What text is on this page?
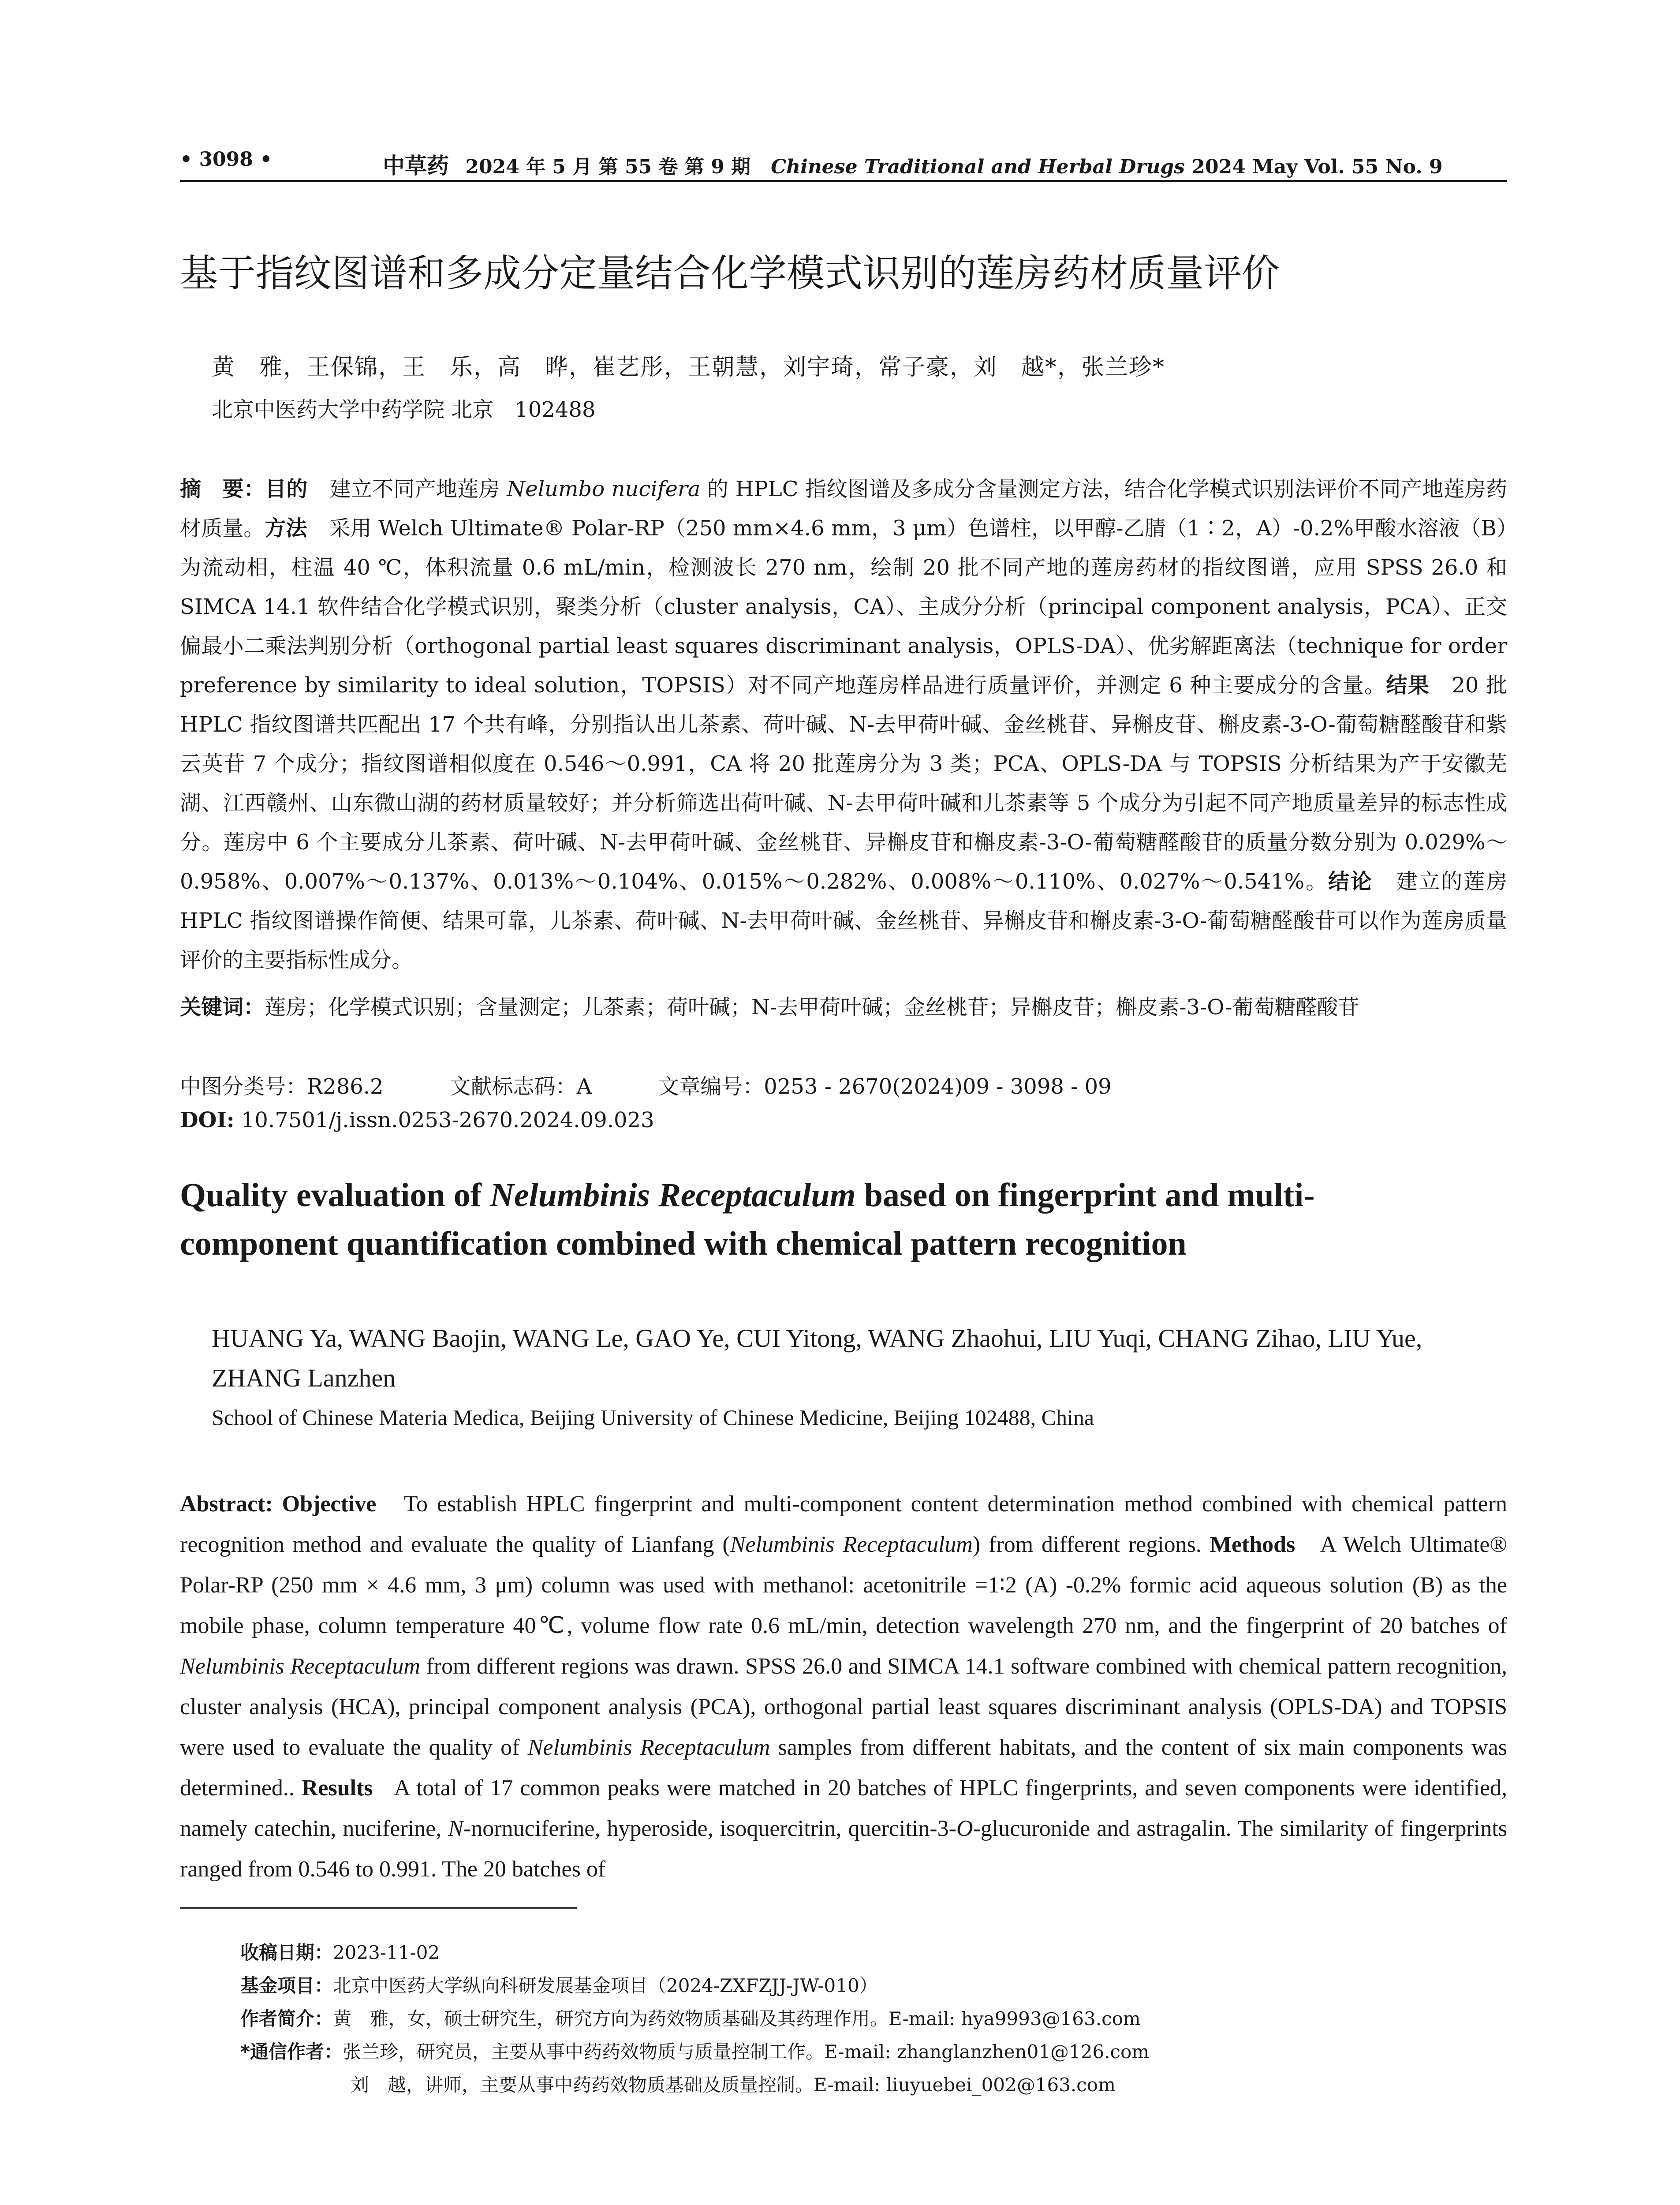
• 3098 •	中草药 2024 年 5 月 第 55 卷 第 9 期 Chinese Traditional and Herbal Drugs 2024 May Vol. 55 No. 9
基于指纹图谱和多成分定量结合化学模式识别的莲房药材质量评价
黄　雅，王保锦，王　乐，高　晔，崔艺彤，王朝慧，刘宇琦，常子豪，刘　越*，张兰珍*
北京中医药大学中药学院 北京　102488
摘　要：目的 建立不同产地莲房 Nelumbo nucifera 的 HPLC 指纹图谱及多成分含量测定方法，结合化学模式识别法评价不同产地莲房药材质量。方法 采用 Welch Ultimate® Polar-RP（250 mm×4.6 mm，3 μm）色谱柱，以甲醇-乙腈（1∶2，A）-0.2%甲酸水溶液（B）为流动相，柱温 40 ℃，体积流量 0.6 mL/min，检测波长 270 nm，绘制 20 批不同产地的莲房药材的指纹图谱，应用 SPSS 26.0 和 SIMCA 14.1 软件结合化学模式识别，聚类分析（cluster analysis，CA）、主成分分析（principal component analysis，PCA）、正交偏最小二乘法判别分析（orthogonal partial least squares discriminant analysis，OPLS-DA）、优劣解距离法（technique for order preference by similarity to ideal solution，TOPSIS）对不同产地莲房样品进行质量评价，并测定 6 种主要成分的含量。结果 20 批 HPLC 指纹图谱共匹配出 17 个共有峰，分别指认出儿茶素、荷叶碱、N-去甲荷叶碱、金丝桃苷、异槲皮苷、槲皮素-3-O-葡萄糖醛酸苷和紫云英苷 7 个成分；指纹图谱相似度在 0.546～0.991，CA 将 20 批莲房分为 3 类；PCA、OPLS-DA 与 TOPSIS 分析结果为产于安徽芜湖、江西赣州、山东微山湖的药材质量较好；并分析筛选出荷叶碱、N-去甲荷叶碱和儿茶素等 5 个成分为引起不同产地质量差异的标志性成分。莲房中 6 个主要成分儿茶素、荷叶碱、N-去甲荷叶碱、金丝桃苷、异槲皮苷和槲皮素-3-O-葡萄糖醛酸苷的质量分数分别为 0.029%～0.958%、0.007%～0.137%、0.013%～0.104%、0.015%～0.282%、0.008%～0.110%、0.027%～0.541%。结论 建立的莲房 HPLC 指纹图谱操作简便、结果可靠，儿茶素、荷叶碱、N-去甲荷叶碱、金丝桃苷、异槲皮苷和槲皮素-3-O-葡萄糖醛酸苷可以作为莲房质量评价的主要指标性成分。
关键词：莲房；化学模式识别；含量测定；儿茶素；荷叶碱；N-去甲荷叶碱；金丝桃苷；异槲皮苷；槲皮素-3-O-葡萄糖醛酸苷
中图分类号：R286.2	文献标志码：A	文章编号：0253 - 2670(2024)09 - 3098 - 09
DOI: 10.7501/j.issn.0253-2670.2024.09.023
Quality evaluation of Nelumbinis Receptaculum based on fingerprint and multi-
component quantification combined with chemical pattern recognition
HUANG Ya, WANG Baojin, WANG Le, GAO Ye, CUI Yitong, WANG Zhaohui, LIU Yuqi, CHANG Zihao, LIU Yue, ZHANG Lanzhen
School of Chinese Materia Medica, Beijing University of Chinese Medicine, Beijing 102488, China
Abstract: Objective To establish HPLC fingerprint and multi-component content determination method combined with chemical pattern recognition method and evaluate the quality of Lianfang (Nelumbinis Receptaculum) from different regions. Methods A Welch Ultimate® Polar-RP (250 mm × 4.6 mm, 3 μm) column was used with methanol: acetonitrile =1∶2 (A) -0.2% formic acid aqueous solution (B) as the mobile phase, column temperature 40℃, volume flow rate 0.6 mL/min, detection wavelength 270 nm, and the fingerprint of 20 batches of Nelumbinis Receptaculum from different regions was drawn. SPSS 26.0 and SIMCA 14.1 software combined with chemical pattern recognition, cluster analysis (HCA), principal component analysis (PCA), orthogonal partial least squares discriminant analysis (OPLS-DA) and TOPSIS were used to evaluate the quality of Nelumbinis Receptaculum samples from different habitats, and the content of six main components was determined.. Results A total of 17 common peaks were matched in 20 batches of HPLC fingerprints, and seven components were identified, namely catechin, nuciferine, N-nornuciferine, hyperoside, isoquercitrin, quercitin-3-O-glucuronide and astragalin. The similarity of fingerprints ranged from 0.546 to 0.991. The 20 batches of
收稿日期：2023-11-02
基金项目：北京中医药大学纵向科研发展基金项目（2024-ZXFZJJ-JW-010）
作者简介：黄　雅，女，硕士研究生，研究方向为药效物质基础及其药理作用。E-mail: hya9993@163.com
*通信作者：张兰珍，研究员，主要从事中药药效物质与质量控制工作。E-mail: zhanglanzhen01@126.com
刘　越，讲师，主要从事中药药效物质基础及质量控制。E-mail: liuyuebei_002@163.com
